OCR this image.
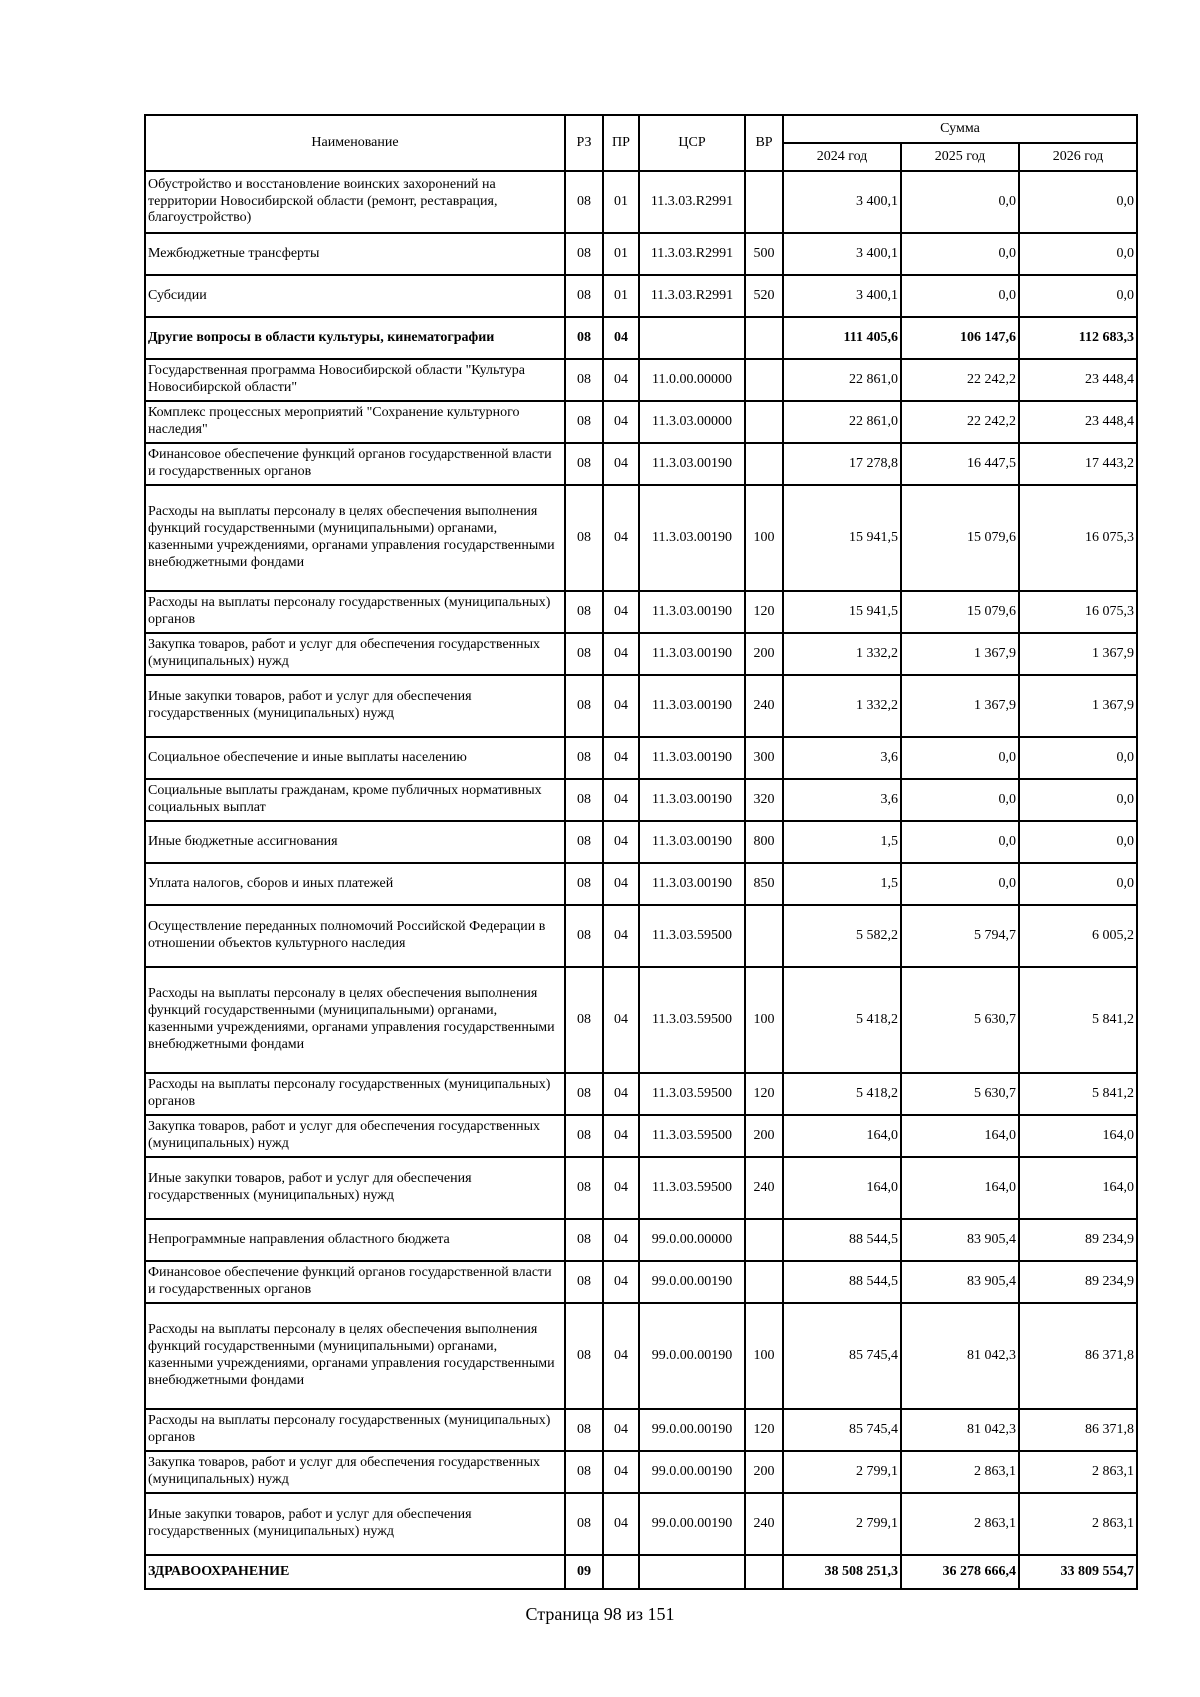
Наименование	РЗ	ПР	ЦСР	ВР	Сумма		
					2024 год	2025 год	2026 год
Обустройство и восстановление воинских захоронений на территории Новосибирской области (ремонт, реставрация, благоустройство)	08	01	11.3.03.R2991		3 400,1	0,0	0,0
Межбюджетные трансферты	08	01	11.3.03.R2991	500	3 400,1	0,0	0,0
Субсидии	08	01	11.3.03.R2991	520	3 400,1	0,0	0,0
Другие вопросы в области культуры, кинематографии	08	04			111 405,6	106 147,6	112 683,3
Государственная программа Новосибирской области "Культура Новосибирской области"	08	04	11.0.00.00000		22 861,0	22 242,2	23 448,4
Комплекс процессных мероприятий "Сохранение культурного наследия"	08	04	11.3.03.00000		22 861,0	22 242,2	23 448,4
Финансовое обеспечение функций органов государственной власти и государственных органов	08	04	11.3.03.00190		17 278,8	16 447,5	17 443,2
Расходы на выплаты персоналу в целях обеспечения выполнения функций государственными (муниципальными) органами, казенными учреждениями, органами управления государственными внебюджетными фондами	08	04	11.3.03.00190	100	15 941,5	15 079,6	16 075,3
Расходы на выплаты персоналу государственных (муниципальных) органов	08	04	11.3.03.00190	120	15 941,5	15 079,6	16 075,3
Закупка товаров, работ и услуг для обеспечения государственных (муниципальных) нужд	08	04	11.3.03.00190	200	1 332,2	1 367,9	1 367,9
Иные закупки товаров, работ и услуг для обеспечения государственных (муниципальных) нужд	08	04	11.3.03.00190	240	1 332,2	1 367,9	1 367,9
Социальное обеспечение и иные выплаты населению	08	04	11.3.03.00190	300	3,6	0,0	0,0
Социальные выплаты гражданам, кроме публичных нормативных социальных выплат	08	04	11.3.03.00190	320	3,6	0,0	0,0
Иные бюджетные ассигнования	08	04	11.3.03.00190	800	1,5	0,0	0,0
Уплата налогов, сборов и иных платежей	08	04	11.3.03.00190	850	1,5	0,0	0,0
Осуществление переданных полномочий Российской Федерации в отношении объектов культурного наследия	08	04	11.3.03.59500		5 582,2	5 794,7	6 005,2
Расходы на выплаты персоналу в целях обеспечения выполнения функций государственными (муниципальными) органами, казенными учреждениями, органами управления государственными внебюджетными фондами	08	04	11.3.03.59500	100	5 418,2	5 630,7	5 841,2
Расходы на выплаты персоналу государственных (муниципальных) органов	08	04	11.3.03.59500	120	5 418,2	5 630,7	5 841,2
Закупка товаров, работ и услуг для обеспечения государственных (муниципальных) нужд	08	04	11.3.03.59500	200	164,0	164,0	164,0
Иные закупки товаров, работ и услуг для обеспечения государственных (муниципальных) нужд	08	04	11.3.03.59500	240	164,0	164,0	164,0
Непрограммные направления областного бюджета	08	04	99.0.00.00000		88 544,5	83 905,4	89 234,9
Финансовое обеспечение функций органов государственной власти и государственных органов	08	04	99.0.00.00190		88 544,5	83 905,4	89 234,9
Расходы на выплаты персоналу в целях обеспечения выполнения функций государственными (муниципальными) органами, казенными учреждениями, органами управления государственными внебюджетными фондами	08	04	99.0.00.00190	100	85 745,4	81 042,3	86 371,8
Расходы на выплаты персоналу государственных (муниципальных) органов	08	04	99.0.00.00190	120	85 745,4	81 042,3	86 371,8
Закупка товаров, работ и услуг для обеспечения государственных (муниципальных) нужд	08	04	99.0.00.00190	200	2 799,1	2 863,1	2 863,1
Иные закупки товаров, работ и услуг для обеспечения государственных (муниципальных) нужд	08	04	99.0.00.00190	240	2 799,1	2 863,1	2 863,1
ЗДРАВООХРАНЕНИЕ	09				38 508 251,3	36 278 666,4	33 809 554,7
Страница 98 из 151
